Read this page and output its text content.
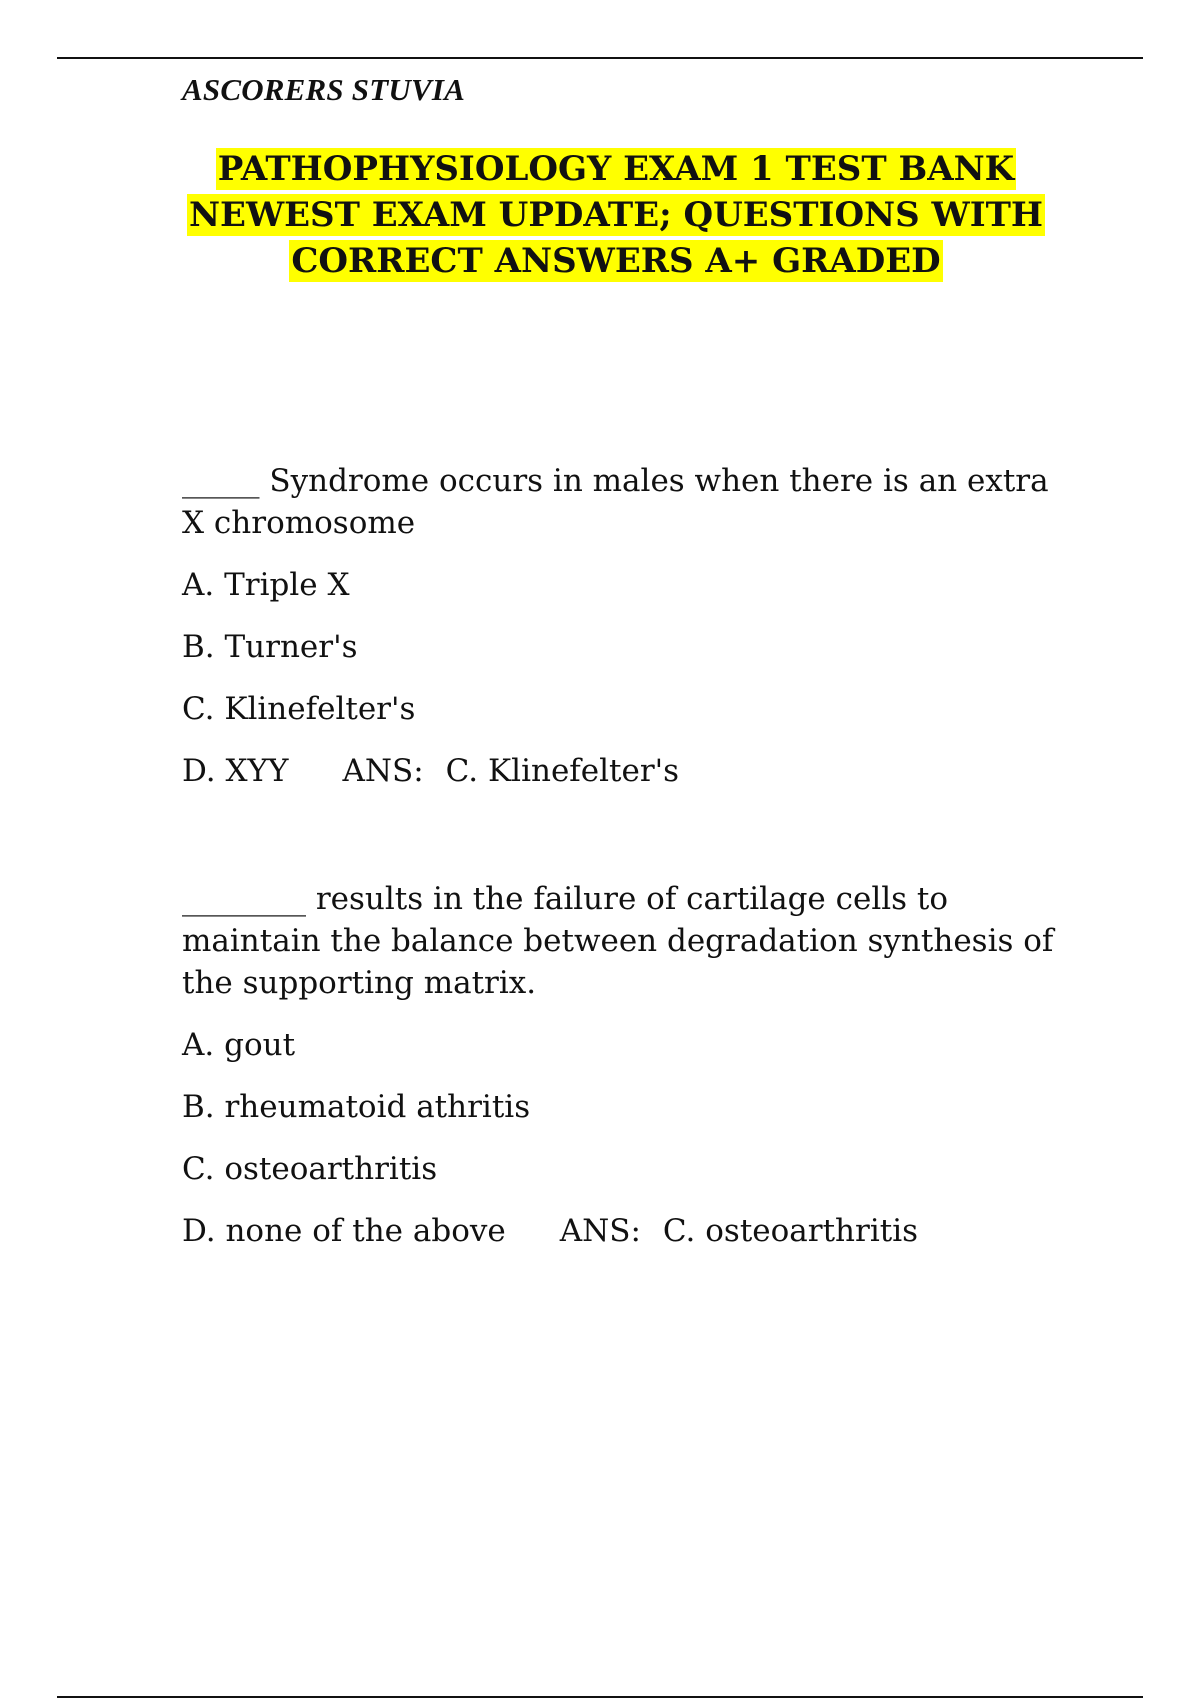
ASCORERS STUVIA
PATHOPHYSIOLOGY EXAM 1 TEST BANK
NEWEST EXAM UPDATE; QUESTIONS WITH
CORRECT ANSWERS A+ GRADED

_____ Syndrome occurs in males when there is an extra X chromosome

A. Triple X

B. Turner's

C. Klinefelter's

D. XYY ANS: C. Klinefelter's

________ results in the failure of cartilage cells to maintain the balance between degradation synthesis of the supporting matrix.

A. gout

B. rheumatoid athritis

C. osteoarthritis

D. none of the above ANS: C. osteoarthritis
